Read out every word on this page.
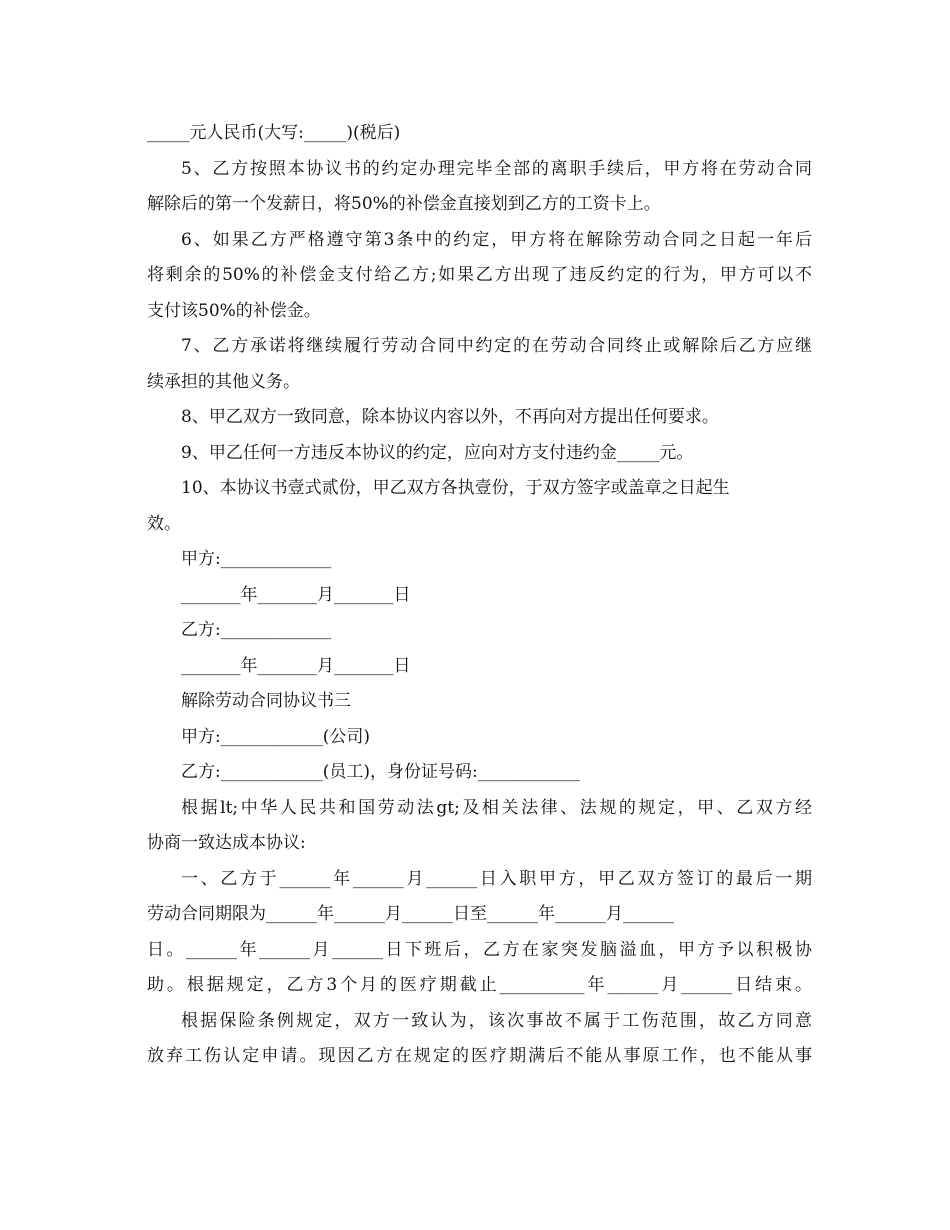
_____元人民币(大写:_____)(税后)
5、乙方按照本协议书的约定办理完毕全部的离职手续后，甲方将在劳动合同
解除后的第一个发薪日，将50%的补偿金直接划到乙方的工资卡上。
6、如果乙方严格遵守第3条中的约定，甲方将在解除劳动合同之日起一年后
将剩余的50%的补偿金支付给乙方;如果乙方出现了违反约定的行为，甲方可以不
支付该50%的补偿金。
7、乙方承诺将继续履行劳动合同中约定的在劳动合同终止或解除后乙方应继
续承担的其他义务。
8、甲乙双方一致同意，除本协议内容以外，不再向对方提出任何要求。
9、甲乙任何一方违反本协议的约定，应向对方支付违约金_____元。
10、本协议书壹式贰份，甲乙双方各执壹份，于双方签字或盖章之日起生
效。
甲方:_____________
_______年_______月_______日
乙方:_____________
_______年_______月_______日
解除劳动合同协议书三
甲方:____________(公司)
乙方:____________(员工)，身份证号码:____________
根据lt;中华人民共和国劳动法gt;及相关法律、法规的规定，甲、乙双方经
协商一致达成本协议:
一、乙方于______年______月______日入职甲方，甲乙双方签订的最后一期
劳动合同期限为______年______月______日至______年______月______
日。______年______月______日下班后，乙方在家突发脑溢血，甲方予以积极协
助。根据规定，乙方3个月的医疗期截止__________年______月______日结束。
根据保险条例规定，双方一致认为，该次事故不属于工伤范围，故乙方同意
放弃工伤认定申请。现因乙方在规定的医疗期满后不能从事原工作，也不能从事
